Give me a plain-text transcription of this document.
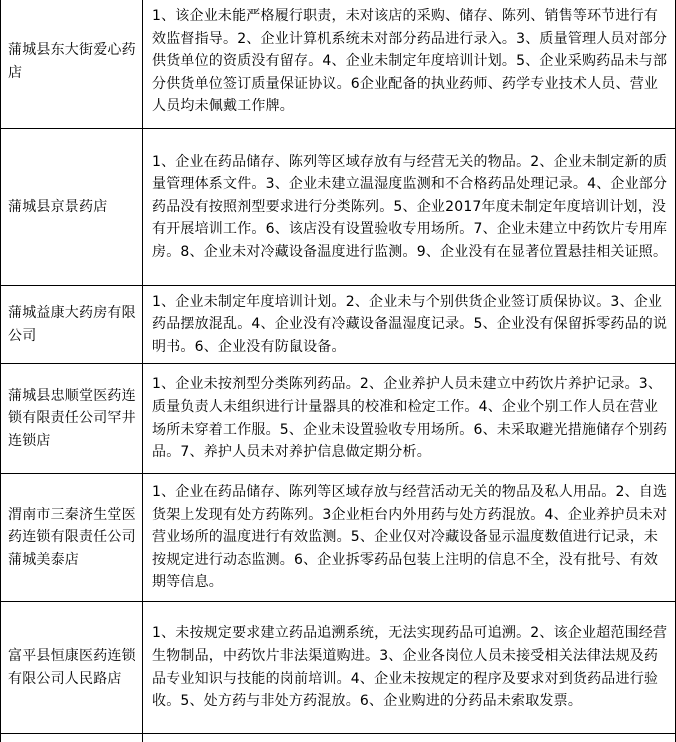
蒲城县东大街爱心药店	1、该企业未能严格履行职责，未对该店的采购、储存、陈列、销售等环节进行有效监督指导。2、企业计算机系统未对部分药品进行录入。3、质量管理人员对部分供货单位的资质没有留存。4、企业未制定年度培训计划。5、企业采购药品未与部分供货单位签订质量保证协议。6企业配备的执业药师、药学专业技术人员、营业人员均未佩戴工作牌。
蒲城县京景药店	1、企业在药品储存、陈列等区域存放有与经营无关的物品。2、企业未制定新的质量管理体系文件。3、企业未建立温湿度监测和不合格药品处理记录。4、企业部分药品没有按照剂型要求进行分类陈列。5、企业2017年度未制定年度培训计划，没有开展培训工作。6、该店没有设置验收专用场所。7、企业未建立中药饮片专用库房。8、企业未对冷藏设备温度进行监测。9、企业没有在显著位置悬挂相关证照。
蒲城益康大药房有限公司	1、企业未制定年度培训计划。2、企业未与个别供货企业签订质保协议。3、企业药品摆放混乱。4、企业没有冷藏设备温湿度记录。5、企业没有保留拆零药品的说明书。6、企业没有防鼠设备。
蒲城县忠顺堂医药连锁有限责任公司罕井连锁店	1、企业未按剂型分类陈列药品。2、企业养护人员未建立中药饮片养护记录。3、质量负责人未组织进行计量器具的校准和检定工作。4、企业个别工作人员在营业场所未穿着工作服。5、企业未设置验收专用场所。6、未采取避光措施储存个别药品。7、养护人员未对养护信息做定期分析。
渭南市三秦济生堂医药连锁有限责任公司蒲城美泰店	1、企业在药品储存、陈列等区域存放与经营活动无关的物品及私人用品。2、自选货架上发现有处方药陈列。3企业柜台内外用药与处方药混放。4、企业养护员未对营业场所的温度进行有效监测。5、企业仅对冷藏设备显示温度数值进行记录，未按规定进行动态监测。6、企业拆零药品包装上注明的信息不全，没有批号、有效期等信息。
富平县恒康医药连锁有限公司人民路店	1、未按规定要求建立药品追溯系统，无法实现药品可追溯。2、该企业超范围经营生物制品，中药饮片非法渠道购进。3、企业各岗位人员未接受相关法律法规及药品专业知识与技能的岗前培训。4、企业未按规定的程序及要求对到货药品进行验收。5、处方药与非处方药混放。6、企业购进的分药品未索取发票。
